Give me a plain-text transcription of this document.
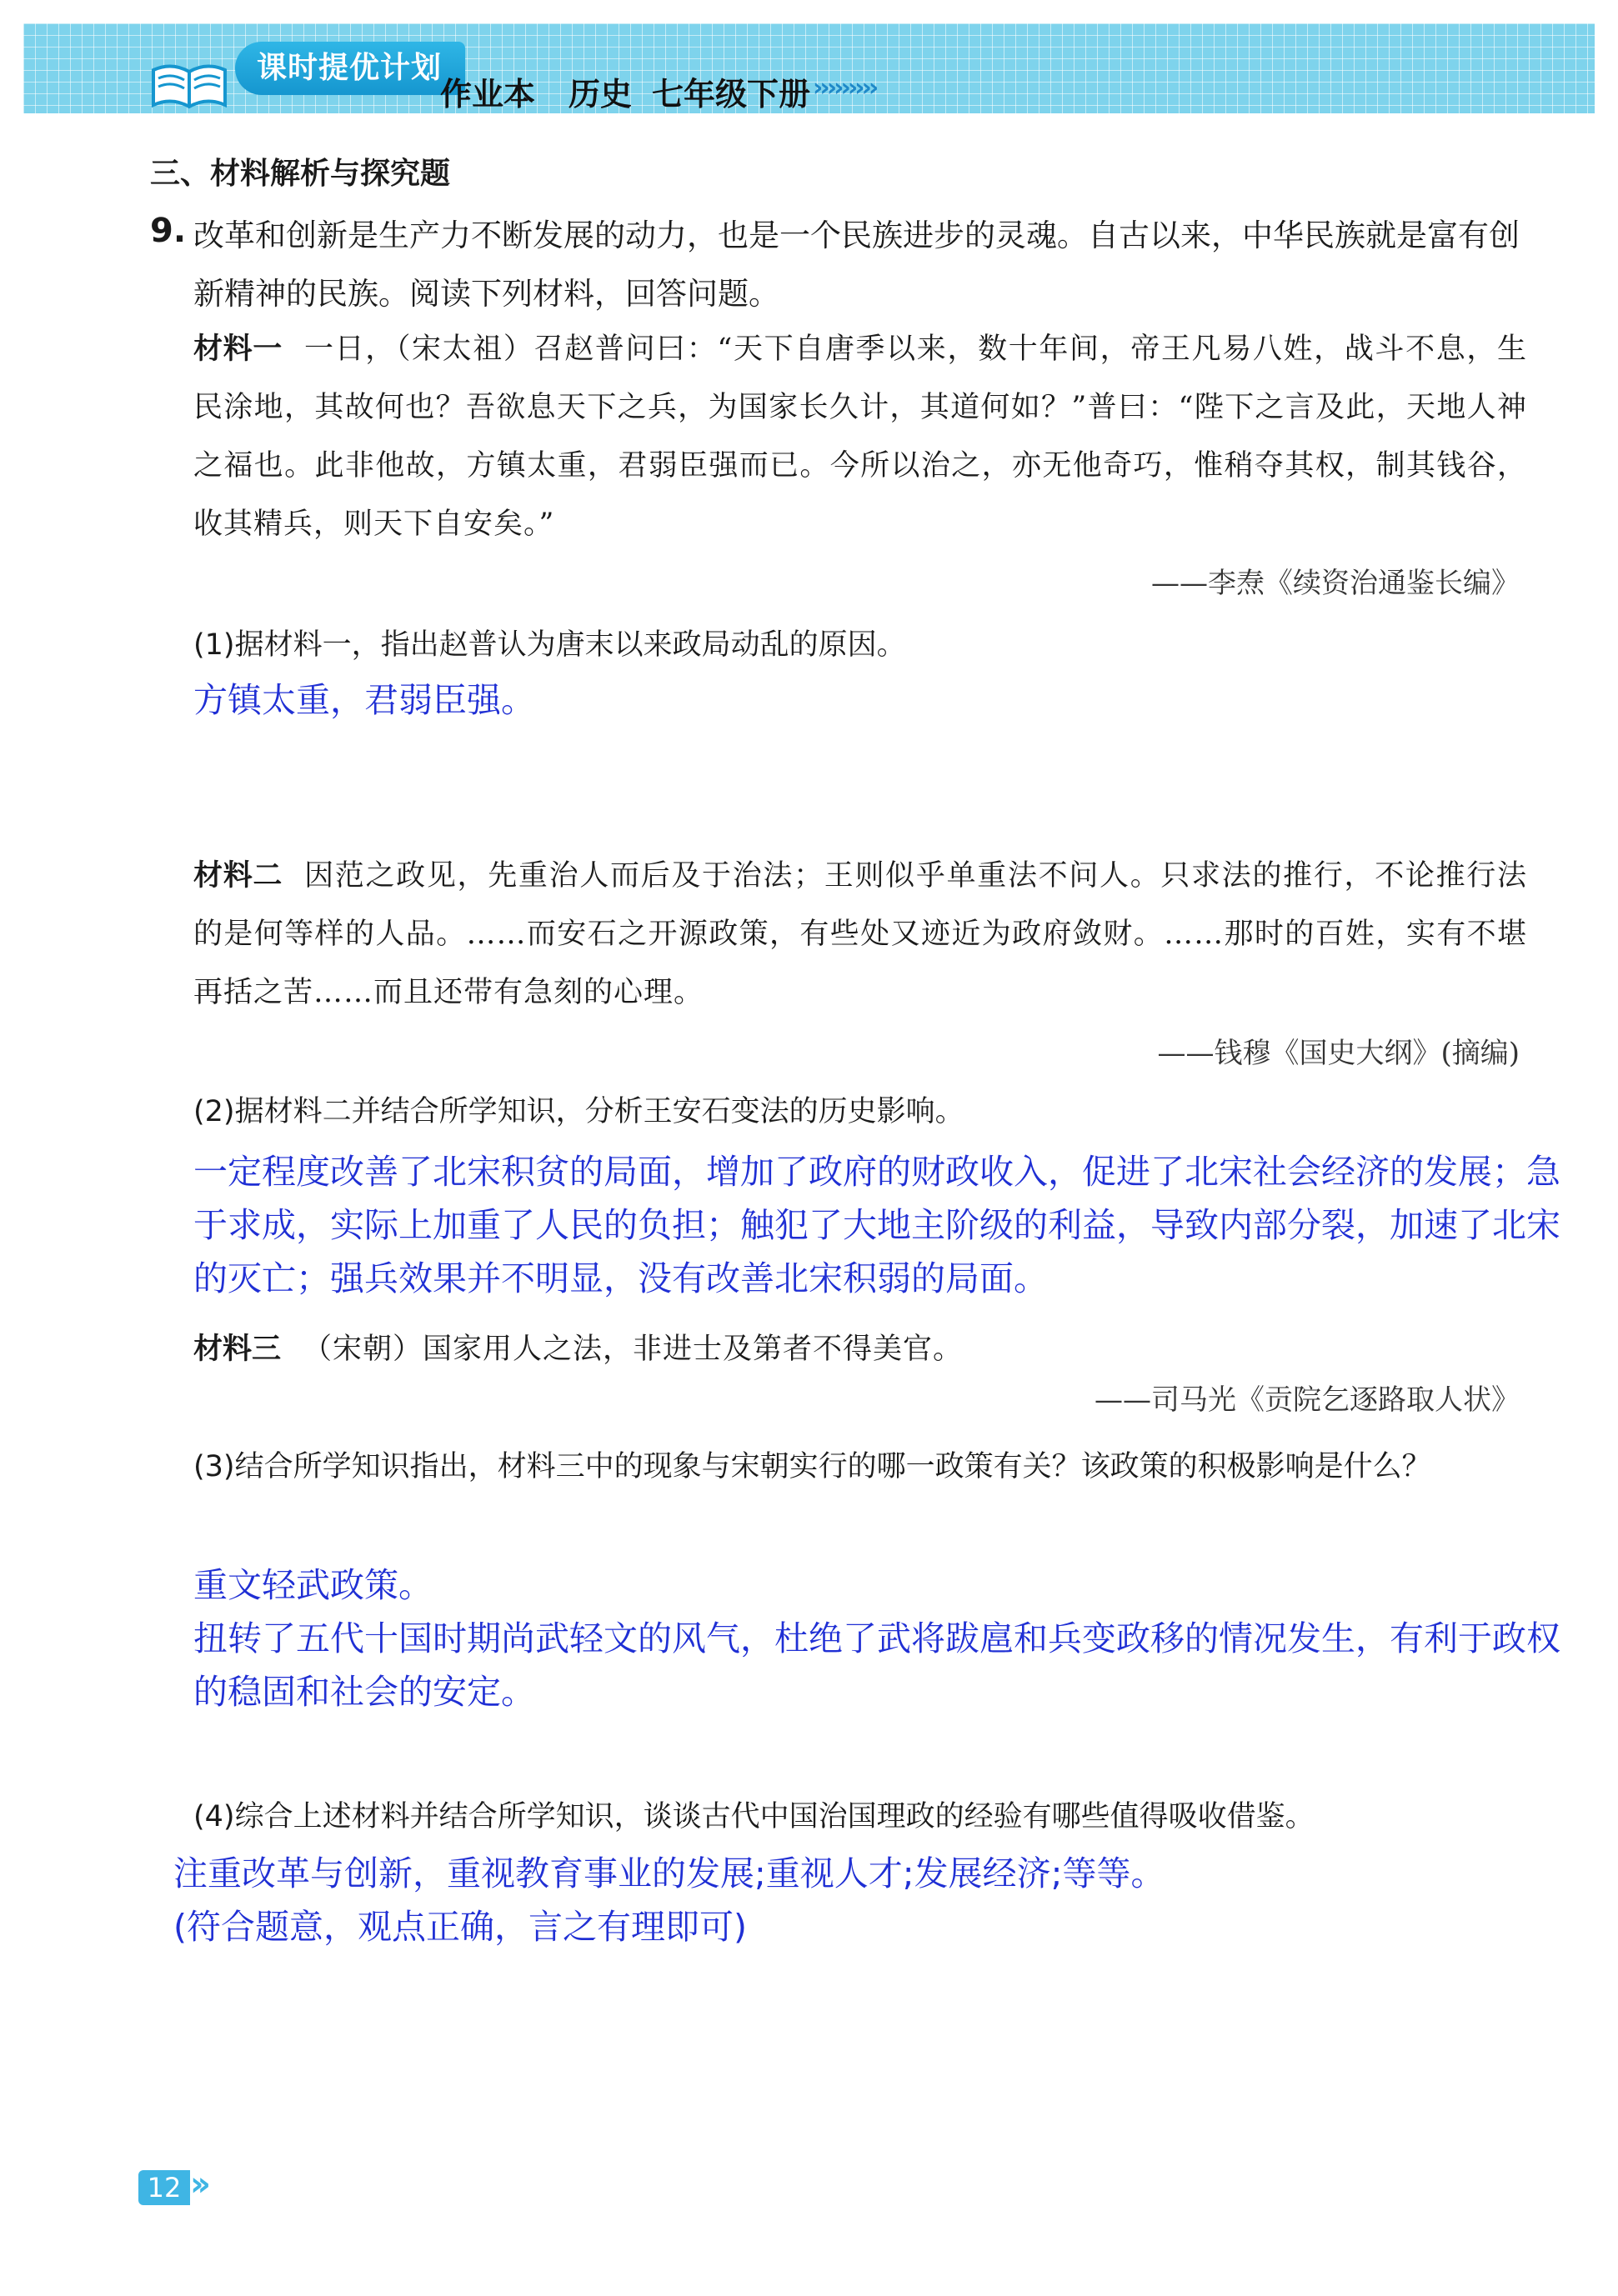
课时提优计划
作业本 历史 七年级下册 ›››››››››
三、材料解析与探究题
9. 改革和创新是生产力不断发展的动力，也是一个民族进步的灵魂。自古以来，中华民族就是富有创新精神的民族。阅读下列材料，回答问题。
材料一 一日，（宋太祖）召赵普问曰：“天下自唐季以来，数十年间，帝王凡易八姓，战斗不息，生民涂地，其故何也？吾欲息天下之兵，为国家长久计，其道何如？”普曰：“陛下之言及此，天地人神之福也。此非他故，方镇太重，君弱臣强而已。今所以治之，亦无他奇巧，惟稍夺其权，制其钱谷，收其精兵，则天下自安矣。”
——李焘《续资治通鉴长编》
(1)据材料一，指出赵普认为唐末以来政局动乱的原因。

方镇太重，君弱臣强。

材料二 因范之政见，先重治人而后及于治法；王则似乎单重法不问人。只求法的推行，不论推行法的是何等样的人品。……而安石之开源政策，有些处又迹近为政府敛财。……那时的百姓，实有不堪再括之苦……而且还带有急刻的心理。
——钱穆《国史大纲》(摘编)
(2)据材料二并结合所学知识，分析王安石变法的历史影响。

一定程度改善了北宋积贫的局面，增加了政府的财政收入，促进了北宋社会经济的发展；急于求成，实际上加重了人民的负担；触犯了大地主阶级的利益，导致内部分裂，加速了北宋的灭亡；强兵效果并不明显，没有改善北宋积弱的局面。

材料三 （宋朝）国家用人之法，非进士及第者不得美官。
——司马光《贡院乞逐路取人状》
(3)结合所学知识指出，材料三中的现象与宋朝实行的哪一政策有关？该政策的积极影响是什么？

重文轻武政策。

扭转了五代十国时期尚武轻文的风气，杜绝了武将跋扈和兵变政移的情况发生，有利于政权的稳固和社会的安定。

(4)综合上述材料并结合所学知识，谈谈古代中国治国理政的经验有哪些值得吸收借鉴。

注重改革与创新，重视教育事业的发展;重视人才;发展经济;等等。

(符合题意，观点正确，言之有理即可)

12 ››
